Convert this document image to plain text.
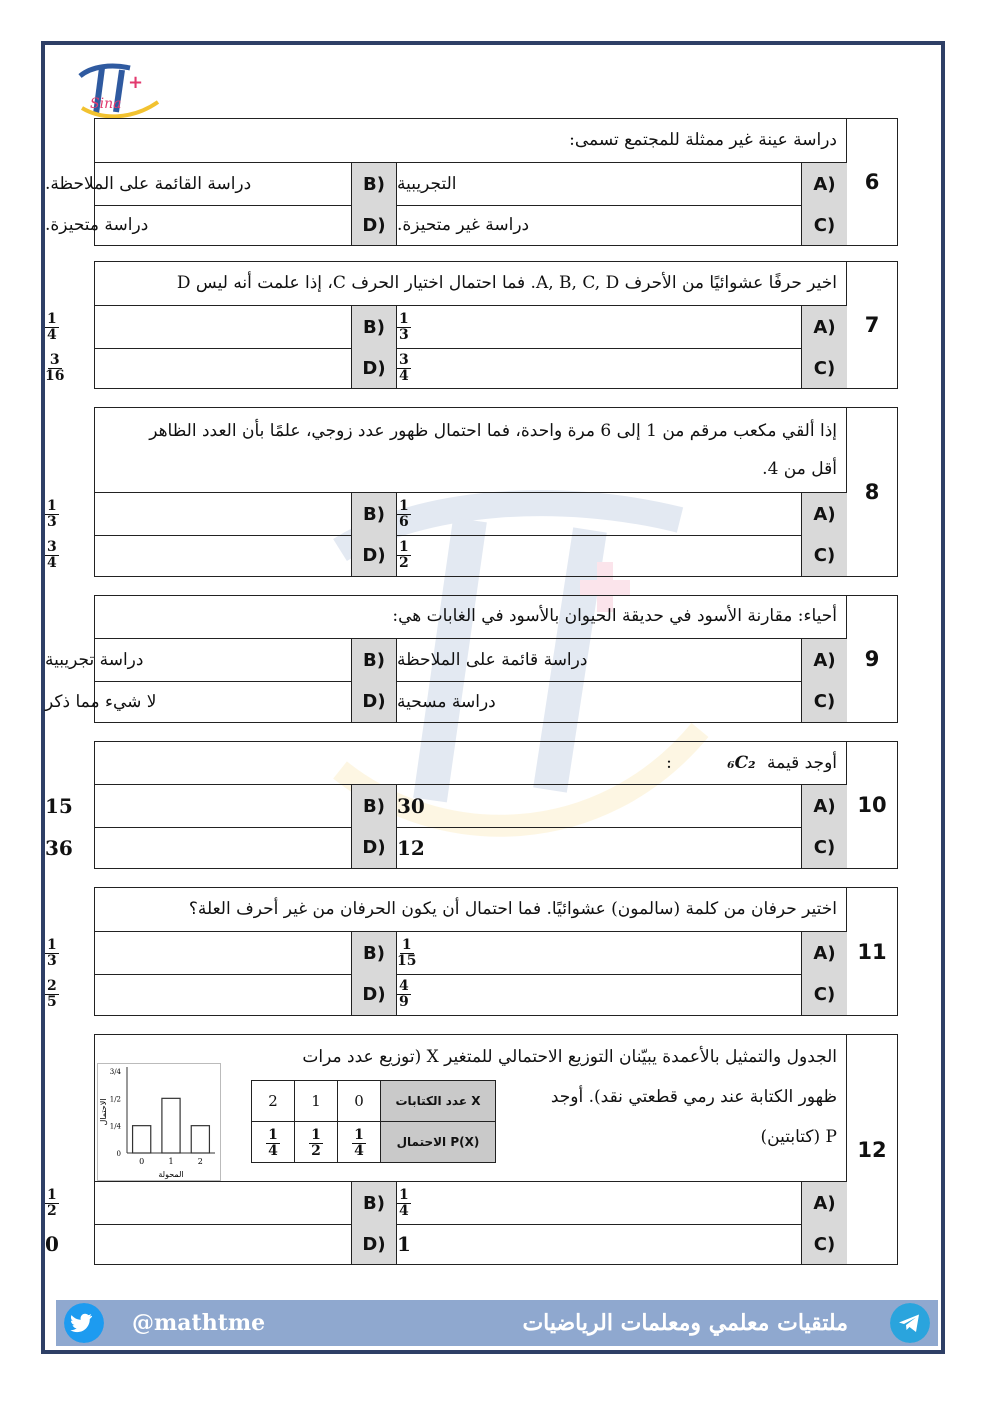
+
Sina
6
دراسة عينة غير ممثلة للمجتمع تسمى:
A)
التجريبية
B)
دراسة القائمة على الملاحظة.
C)
دراسة غير متحيزة.
D)
دراسة متحيزة.
7
اخير حرفًا عشوائيًا من الأحرف A, B, C, D. فما احتمال اختيار الحرف C، إذا علمت أنه ليس D
A)
$\frac{1}{3}$
B)
$\frac{1}{4}$
C)
$\frac{3}{4}$
D)
$\frac{3}{16}$
8
إذا ألقي مكعب مرقم من 1 إلى 6 مرة واحدة، فما احتمال ظهور عدد زوجي، علمًا بأن العدد الظاهر
أقل من 4.
A)
$\frac{1}{6}$
B)
$\frac{1}{3}$
C)
$\frac{1}{2}$
D)
$\frac{3}{4}$
9
أحياء: مقارنة الأسود في حديقة الحيوان بالأسود في الغابات هي:
A)
دراسة قائمة على الملاحظة
B)
دراسة تجريبية
C)
دراسة مسحية
D)
لا شيء مما ذكر
10
أوجد قيمة ₆C₂ :
A)
30
B)
15
C)
12
D)
36
11
اختير حرفان من كلمة (سالمون) عشوائيًا. فما احتمال أن يكون الحرفان من غير أحرف العلة؟
A)
$\frac{1}{15}$
B)
$\frac{1}{3}$
C)
$\frac{4}{9}$
D)
$\frac{2}{5}$
12
الجدول والتمثيل بالأعمدة يبيّنان التوزيع الاحتمالي للمتغير X (توزيع عدد مرات
ظهور الكتابة عند رمي قطعتي نقد). أوجد
P (كتابتين)
2	1	0	عدد الكتابات X

$\frac{1}{4}$	$\frac{1}{2}$	$\frac{1}{4}$	الاحتمال P(X)
0	1	2
0
1/4
1/2
3/4
المحولة
الاحتمال
A)
$\frac{1}{4}$
B)
$\frac{1}{2}$
C)
1
D)
0
@mathtme	ملتقيات معلمي ومعلمات الرياضيات
